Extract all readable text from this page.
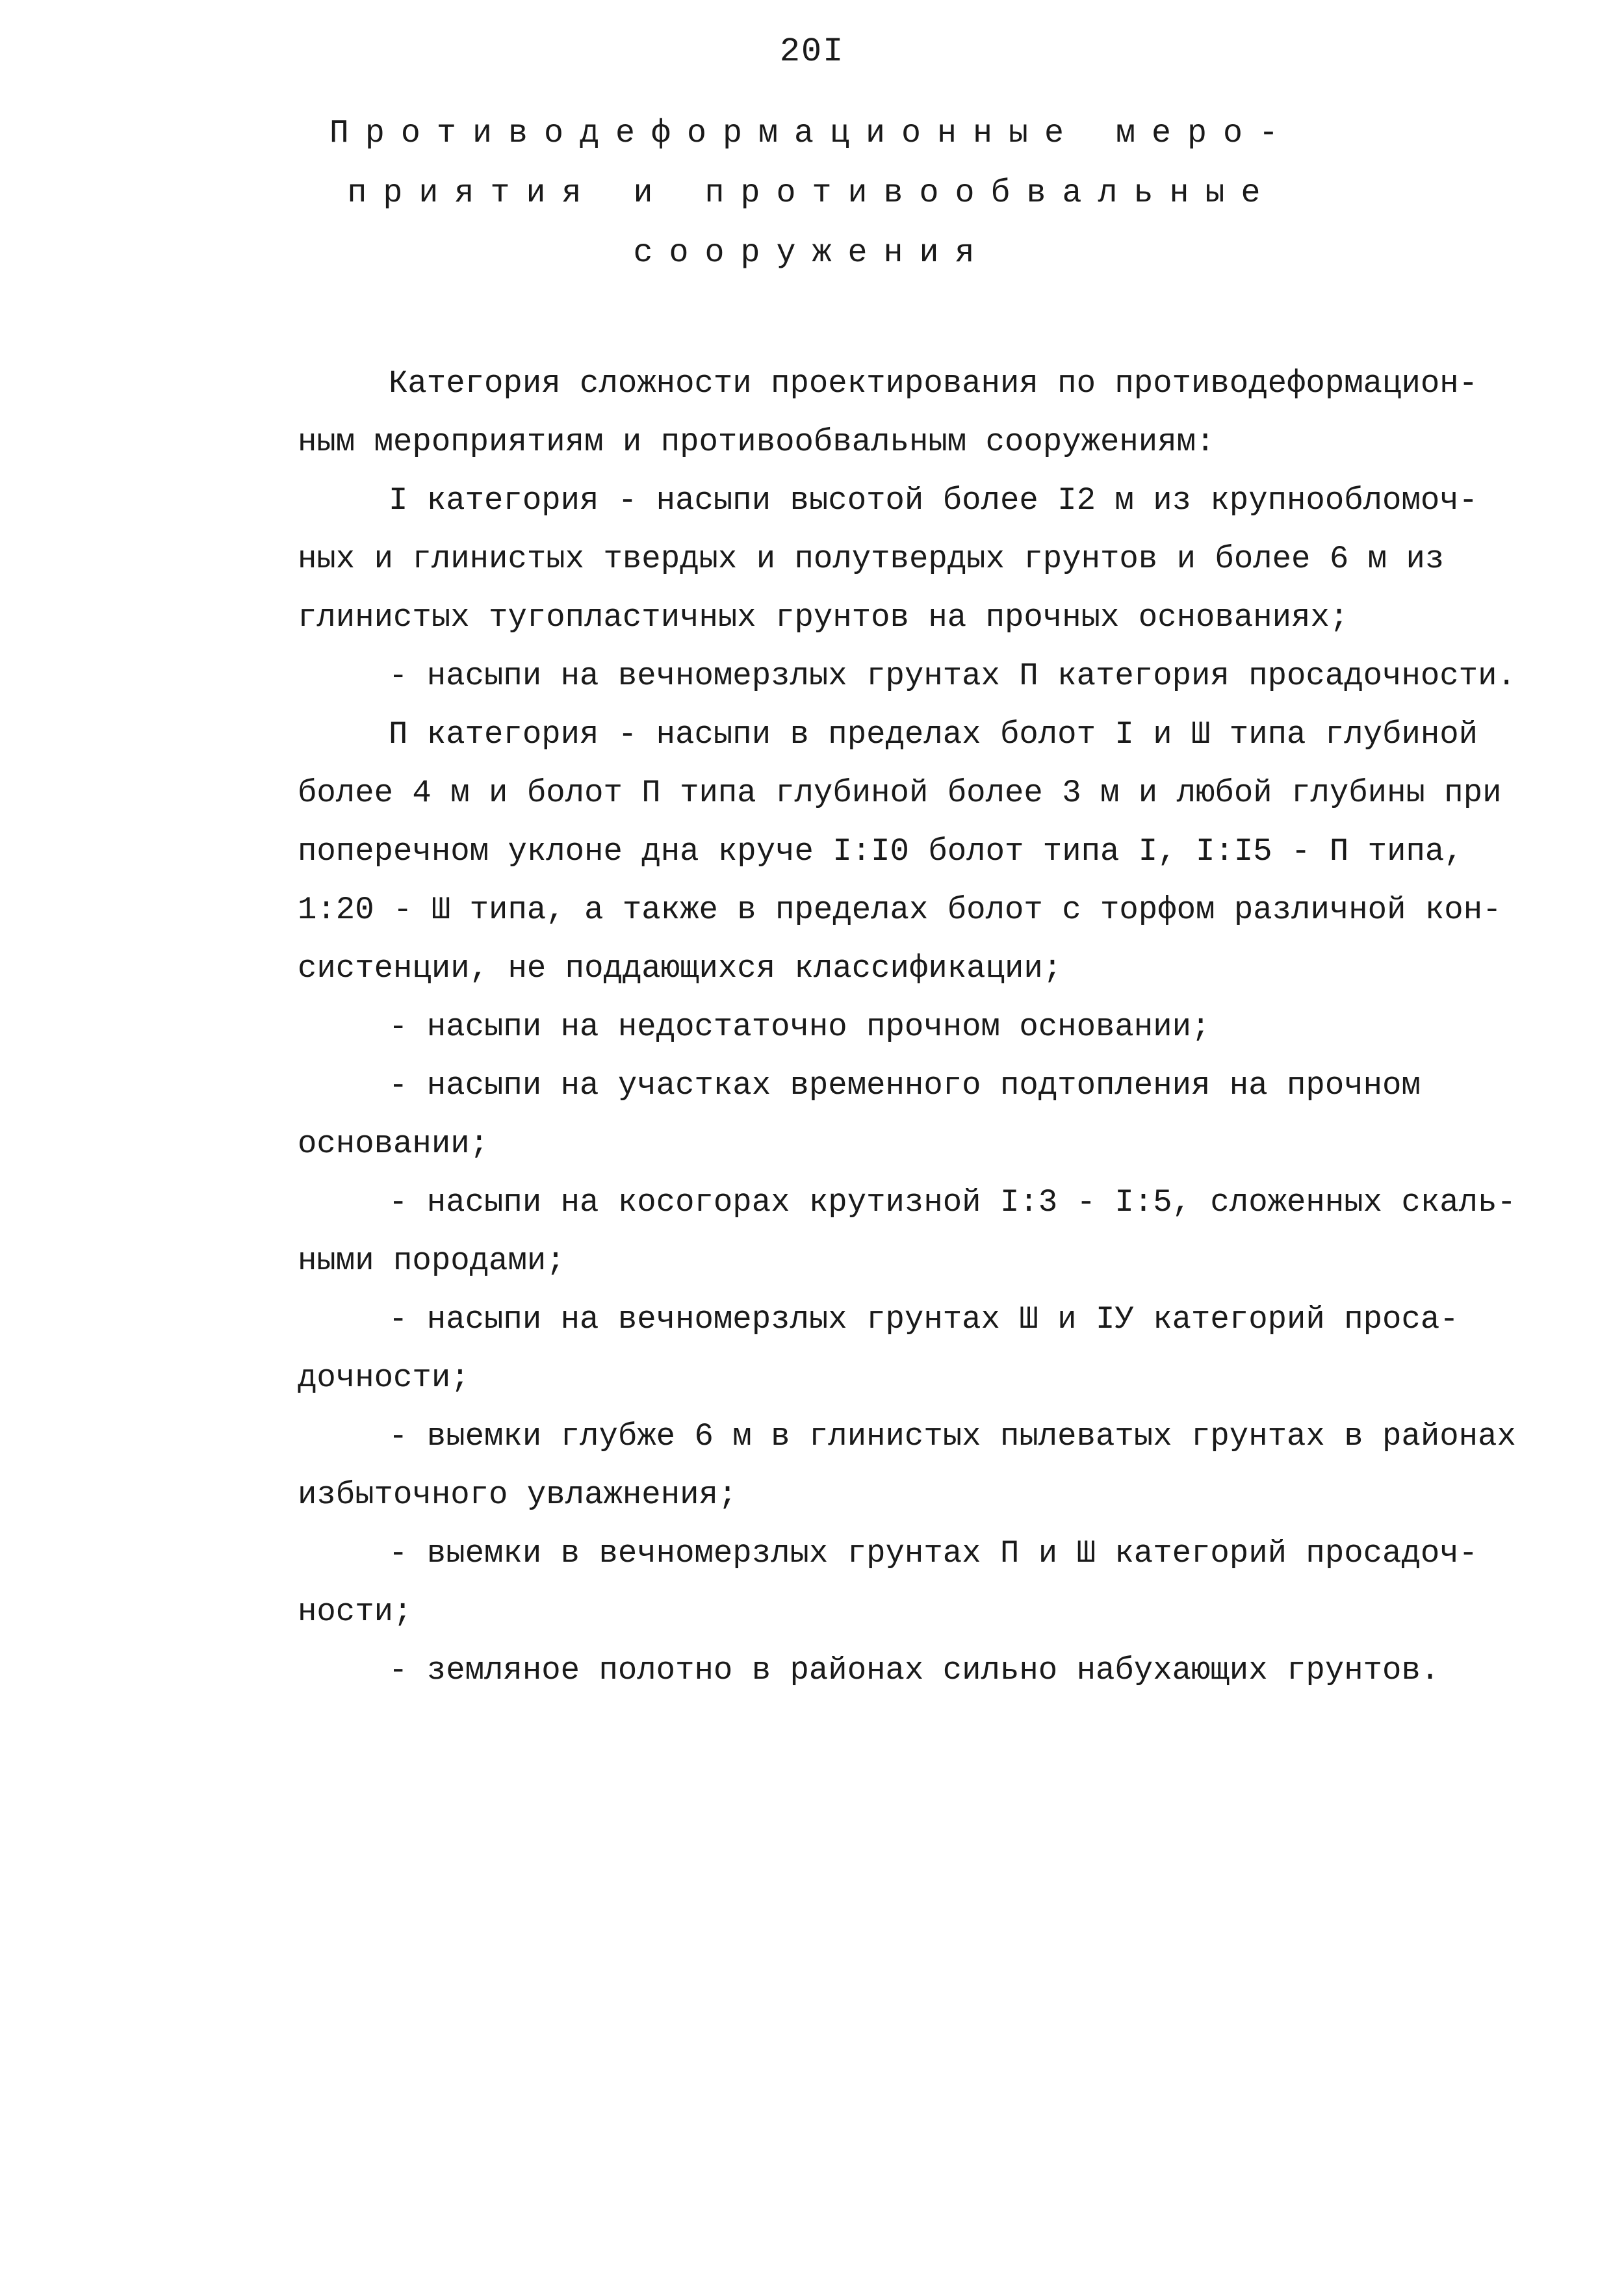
20I
Противодеформационные меро-
приятия и противообвальные
сооружения
Категория сложности проектирования по противодеформацион-
ным мероприятиям и противообвальным сооружениям:
I категория - насыпи высотой более I2 м из крупнообломоч-
ных и глинистых твердых и полутвердых грунтов и более 6 м из
глинистых тугопластичных грунтов на прочных основаниях;
- насыпи на вечномерзлых грунтах П категория просадочности.
П категория - насыпи в пределах болот I и Ш типа глубиной
более 4 м и болот П типа глубиной более 3 м и любой глубины при
поперечном уклоне дна круче I:I0 болот типа I, I:I5 - П типа,
1:20 - Ш типа, а также в пределах болот с торфом различной кон-
систенции, не поддающихся классификации;
- насыпи на недостаточно прочном основании;
- насыпи на участках временного подтопления на прочном
основании;
- насыпи на косогорах крутизной I:3 - I:5, сложенных скаль-
ными породами;
- насыпи на вечномерзлых грунтах Ш и IУ категорий проса-
дочности;
- выемки глубже 6 м в глинистых пылеватых грунтах в районах
избыточного увлажнения;
- выемки в вечномерзлых грунтах П и Ш категорий просадоч-
ности;
- земляное полотно в районах сильно набухающих грунтов.
